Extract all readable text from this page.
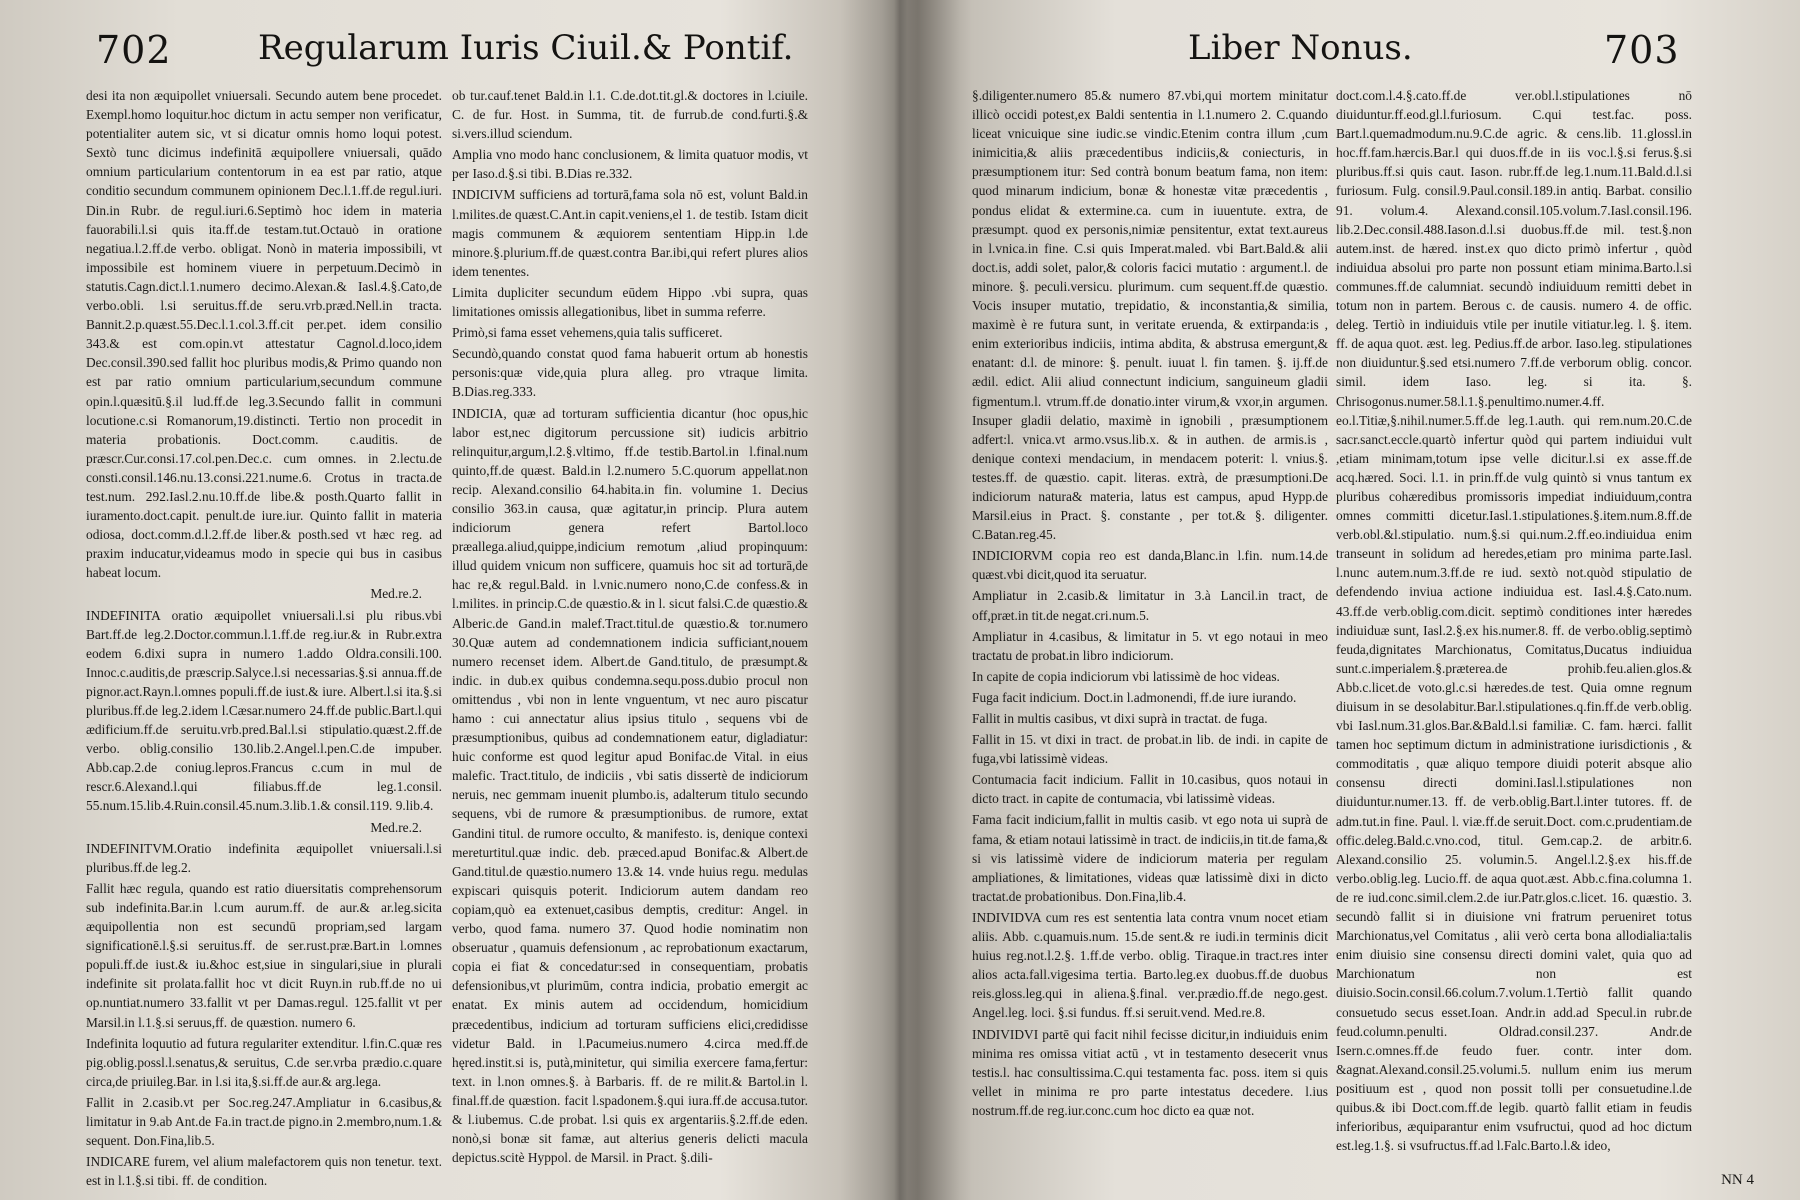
702	Regularum Iuris Ciuil.& Pontif.

desi ita non æquipollet vniuersali. Secundo autem bene procedet. Exempl.homo loquitur.hoc dictum in actu semper non verificatur, potentialiter autem sic, vt si dicatur omnis homo loqui potest. Sextò tunc dicimus indefinitā æquipollere vniuersali, quādo omnium particularium contentorum in ea est par ratio, atque conditio secundum communem opinionem Dec.l.1.ff.de regul.iuri. Din.in Rubr. de regul.iuri.6.Septimò hoc idem in materia fauorabili.l.si quis ita.ff.de testam.tut.Octauò in oratione negatiua.l.2.ff.de verbo. obligat. Nonò in materia impossibili, vt impossibile est hominem viuere in perpetuum.Decimò in statutis.Cagn.dict.l.1.numero decimo.Alexan.& Iasl.4.§.Cato,de verbo.obli. l.si seruitus.ff.de seru.vrb.præd.Nell.in tracta. Bannit.2.p.quæst.55.Dec.l.1.col.3.ff.cit per.pet. idem consilio 343.& est com.opin.vt attestatur Cagnol.d.loco,idem Dec.consil.390.sed fallit hoc pluribus modis,& Primo quando non est par ratio omnium particularium,secundum commune opin.l.quæsitū.§.il lud.ff.de leg.3.Secundo fallit in communi locutione.c.si Romanorum,19.distincti. Tertio non procedit in materia probationis. Doct.comm. c.auditis. de præscr.Cur.consi.17.col.pen.Dec.c. cum omnes. in 2.lectu.de consti.consil.146.nu.13.consi.221.nume.6. Crotus in tracta.de test.num. 292.Iasl.2.nu.10.ff.de libe.& posth.Quarto fallit in iuramento.doct.capit. penult.de iure.iur. Quinto fallit in materia odiosa, doct.comm.d.l.2.ff.de liber.& posth.sed vt hæc reg. ad praxim inducatur,videamus modo in specie qui bus in casibus habeat locum.

Med.re.2.

INDEFINITA oratio æquipollet vniuersali.l.si plu ribus.vbi Bart.ff.de leg.2.Doctor.commun.l.1.ff.de reg.iur.& in Rubr.extra eodem 6.dixi supra in numero 1.addo Oldra.consili.100. Innoc.c.auditis,de præscrip.Salyce.l.si necessarias.§.si annua.ff.de pignor.act.Rayn.l.omnes populi.ff.de iust.& iure. Albert.l.si ita.§.si pluribus.ff.de leg.2.idem l.Cæsar.numero 24.ff.de public.Bart.l.qui ædificium.ff.de seruitu.vrb.pred.Bal.l.si stipulatio.quæst.2.ff.de verbo. oblig.consilio 130.lib.2.Angel.l.pen.C.de impuber. Abb.cap.2.de coniug.lepros.Francus c.cum in mul de rescr.6.Alexand.l.qui filiabus.ff.de leg.1.consil. 55.num.15.lib.4.Ruin.consil.45.num.3.lib.1.& consil.119. 9.lib.4.

Med.re.2.

INDEFINITVM.Oratio indefinita æquipollet vniuersali.l.si pluribus.ff.de leg.2.

Fallit hæc regula, quando est ratio diuersitatis comprehensorum sub indefinita.Bar.in l.cum aurum.ff. de aur.& ar.leg.sicita æquipollentia non est secundū propriam,sed largam significationē.l.§.si seruitus.ff. de ser.rust.præ.Bart.in l.omnes populi.ff.de iust.& iu.&hoc est,siue in singulari,siue in plurali indefinite sit prolata.fallit hoc vt dicit Ruyn.in rub.ff.de no ui op.nuntiat.numero 33.fallit vt per Damas.regul. 125.fallit vt per Marsil.in l.1.§.si seruus,ff. de quæstion. numero 6.

Indefinita loquutio ad futura regulariter extenditur. l.fin.C.quæ res pig.oblig.possl.l.senatus,& seruitus, C.de ser.vrba prædio.c.quare circa,de priuileg.Bar. in l.si ita,§.si.ff.de aur.& arg.lega.

Fallit in 2.casib.vt per Soc.reg.247.Ampliatur in 6.casibus,& limitatur in 9.ab Ant.de Fa.in tract.de pigno.in 2.membro,num.1.& sequent. Don.Fina,lib.5.

INDICARE furem, vel alium malefactorem quis non tenetur. text. est in l.1.§.si tibi. ff. de condition.

ob tur.cauf.tenet Bald.in l.1. C.de.dot.tit.gl.& doctores in l.ciuile. C. de fur. Host. in Summa, tit. de furrub.de cond.furti.§.& si.vers.illud sciendum.

Amplia vno modo hanc conclusionem, & limita quatuor modis, vt per Iaso.d.§.si tibi. B.Dias re.332.

INDICIVM sufficiens ad torturā,fama sola nō est, volunt Bald.in l.milites.de quæst.C.Ant.in capit.veniens,el 1. de testib. Istam dicit magis communem & æquiorem sententiam Hipp.in l.de minore.§.plurium.ff.de quæst.contra Bar.ibi,qui refert plures alios idem tenentes.

Limita dupliciter secundum eūdem Hippo .vbi supra, quas limitationes omissis allegationibus, libet in summa referre.

Primò,si fama esset vehemens,quia talis sufficeret.

Secundò,quando constat quod fama habuerit ortum ab honestis personis:quæ vide,quia plura alleg. pro vtraque limita. B.Dias.reg.333.

INDICIA, quæ ad torturam sufficientia dicantur (hoc opus,hic labor est,nec digitorum percussione sit) iudicis arbitrio relinquitur,argum,l.2.§.vltimo, ff.de testib.Bartol.in l.final.num quinto,ff.de quæst. Bald.in l.2.numero 5.C.quorum appellat.non recip. Alexand.consilio 64.habita.in fin. volumine 1. Decius consilio 363.in causa, quæ agitatur,in princip. Plura autem indiciorum genera refert Bartol.loco præallega.aliud,quippe,indicium remotum ,aliud propinquum: illud quidem vnicum non sufficere, quamuis hoc sit ad torturā,de hac re,& regul.Bald. in l.vnic.numero nono,C.de confess.& in l.milites. in princip.C.de quæstio.& in l. sicut falsi.C.de quæstio.& Alberic.de Gand.in malef.Tract.titul.de quæstio.& tor.numero 30.Quæ autem ad condemnationem indicia sufficiant,nouem numero recenset idem. Albert.de Gand.titulo, de præsumpt.& indic. in dub.ex quibus condemna.sequ.poss.dubio procul non omittendus , vbi non in lente vnguentum, vt nec auro piscatur hamo : cui annectatur alius ipsius titulo , sequens vbi de præsumptionibus, quibus ad condemnationem eatur, digladiatur: huic conforme est quod legitur apud Bonifac.de Vital. in eius malefic. Tract.titulo, de indiciis , vbi satis dissertè de indiciorum neruis, nec gemmam inuenit plumbo.is, adalterum titulo secundo sequens, vbi de rumore & præsumptionibus. de rumore, extat Gandini titul. de rumore occulto, & manifesto. is, denique contexi mereturtitul.quæ indic. deb. præced.apud Bonifac.& Albert.de Gand.titul.de quæstio.numero 13.& 14. vnde huius regu. medulas expiscari quisquis poterit. Indiciorum autem dandam reo copiam,quò ea extenuet,casibus demptis, creditur: Angel. in verbo, quod fama. numero 37. Quod hodie nominatim non obseruatur , quamuis defensionum , ac reprobationum exactarum, copia ei fiat & concedatur:sed in consequentiam, probatis defensionibus,vt plurimūm, contra indicia, probatio emergit ac enatat. Ex minis autem ad occidendum, homicidium præcedentibus, indicium ad torturam sufficiens elici,credidisse videtur Bald. in l.Pacumeius.numero 4.circa med.ff.de hęred.instit.si is, putà,minitetur, qui similia exercere fama,fertur: text. in l.non omnes.§. à Barbaris. ff. de re milit.& Bartol.in l. final.ff.de quæstion. facit l.spadonem.§.qui iura.ff.de accusa.tutor. & l.iubemus. C.de probat. l.si quis ex argentariis.§.2.ff.de eden. nonò,si bonæ sit famæ, aut alterius generis delicti macula depictus.scitè Hyppol. de Marsil. in Pract. §.dili-

Liber Nonus.	703

§.diligenter.numero 85.& numero 87.vbi,qui mortem minitatur illicò occidi potest,ex Baldi sententia in l.1.numero 2. C.quando liceat vnicuique sine iudic.se vindic.Etenim contra illum ,cum inimicitia,& aliis præcedentibus indiciis,& coniecturis, in præsumptionem itur: Sed contrà bonum beatum fama, non item: quod minarum indicium, bonæ & honestæ vitæ præcedentis , pondus elidat & extermine.ca. cum in iuuentute. extra, de præsumpt. quod ex personis,nimiæ pensitentur, extat text.aureus in l.vnica.in fine. C.si quis Imperat.maled. vbi Bart.Bald.& alii doct.is, addi solet, palor,& coloris facici mutatio : argument.l. de minore. §. peculi.versicu. plurimum. cum sequent.ff.de quæstio. Vocis insuper mutatio, trepidatio, & inconstantia,& similia, maximè è re futura sunt, in veritate eruenda, & extirpanda:is , enim exterioribus indiciis, intima abdita, & abstrusa emergunt,& enatant: d.l. de minore: §. penult. iuuat l. fin tamen. §. ij.ff.de ædil. edict. Alii aliud connectunt indicium, sanguineum gladii figmentum.l. vtrum.ff.de donatio.inter virum,& vxor,in argumen. Insuper gladii delatio, maximè in ignobili , præsumptionem adfert:l. vnica.vt armo.vsus.lib.x. & in authen. de armis.is , denique contexi mendacium, in mendacem poterit: l. vnius.§. testes.ff. de quæstio. capit. literas. extrà, de præsumptioni.De indiciorum natura& materia, latus est campus, apud Hypp.de Marsil.eius in Pract. §. constante , per tot.& §. diligenter. C.Batan.reg.45.

INDICIORVM copia reo est danda,Blanc.in l.fin. num.14.de quæst.vbi dicit,quod ita seruatur.

Ampliatur in 2.casib.& limitatur in 3.à Lancil.in tract, de off,præt.in tit.de negat.cri.num.5.

Ampliatur in 4.casibus, & limitatur in 5. vt ego notaui in meo tractatu de probat.in libro indiciorum.

In capite de copia indiciorum vbi latissimè de hoc videas.

Fuga facit indicium. Doct.in l.admonendi, ff.de iure iurando.

Fallit in multis casibus, vt dixi suprà in tractat. de fuga.

Fallit in 15. vt dixi in tract. de probat.in lib. de indi. in capite de fuga,vbi latissimè videas.

Contumacia facit indicium. Fallit in 10.casibus, quos notaui in dicto tract. in capite de contumacia, vbi latissimè videas.

Fama facit indicium,fallit in multis casib. vt ego nota ui suprà de fama, & etiam notaui latissimè in tract. de indiciis,in tit.de fama,& si vis latissimè videre de indiciorum materia per regulam ampliationes, & limitationes, videas quæ latissimè dixi in dicto tractat.de probationibus. Don.Fina,lib.4.

INDIVIDVA cum res est sententia lata contra vnum nocet etiam aliis. Abb. c.quamuis.num. 15.de sent.& re iudi.in terminis dicit huius reg.not.l.2.§. 1.ff.de verbo. oblig. Tiraque.in tract.res inter alios acta.fall.vigesima tertia. Barto.leg.ex duobus.ff.de duobus reis.gloss.leg.qui in aliena.§.final. ver.prædio.ff.de nego.gest. Angel.leg. loci. §.si fundus. ff.si seruit.vend. Med.re.8.

INDIVIDVI partē qui facit nihil fecisse dicitur,in indiuiduis enim minima res omissa vitiat actū , vt in testamento desecerit vnus testis.l. hac consultissima.C.qui testamenta fac. poss. item si quis vellet in minima re pro parte intestatus decedere. l.ius nostrum.ff.de reg.iur.conc.cum hoc dicto ea quæ not.

doct.com.l.4.§.cato.ff.de ver.obl.l.stipulationes nō diuiduntur.ff.eod.gl.l.furiosum. C.qui test.fac. poss. Bart.l.quemadmodum.nu.9.C.de agric. & cens.lib. 11.glossl.in hoc.ff.fam.hærcis.Bar.l qui duos.ff.de in iis voc.l.§.si ferus.§.si pluribus.ff.si quis caut. Iason. rubr.ff.de leg.1.num.11.Bald.d.l.si furiosum. Fulg. consil.9.Paul.consil.189.in antiq. Barbat. consilio 91. volum.4. Alexand.consil.105.volum.7.Iasl.consil.196. lib.2.Dec.consil.488.Iason.d.l.si duobus.ff.de mil. test.§.non autem.inst. de hæred. inst.ex quo dicto primò infertur , quòd indiuidua absolui pro parte non possunt etiam minima.Barto.l.si communes.ff.de calumniat. secundò indiuiduum remitti debet in totum non in partem. Berous c. de causis. numero 4. de offic. deleg. Tertiò in indiuiduis vtile per inutile vitiatur.leg. l. §. item. ff. de aqua quot. æst. leg. Pedius.ff.de arbor. Iaso.leg. stipulationes non diuiduntur.§.sed etsi.numero 7.ff.de verborum oblig. concor. simil. idem Iaso. leg. si ita. §. Chrisogonus.numer.58.l.1.§.penultimo.numer.4.ff. eo.l.Titiæ,§.nihil.numer.5.ff.de leg.1.auth. qui rem.num.20.C.de sacr.sanct.eccle.quartò infertur quòd qui partem indiuidui vult ,etiam minimam,totum ipse velle dicitur.l.si ex asse.ff.de acq.hæred. Soci. l.1. in prin.ff.de vulg quintò si vnus tantum ex pluribus cohæredibus promissoris impediat indiuiduum,contra omnes committi dicetur.Iasl.1.stipulationes.§.item.num.8.ff.de verb.obl.&l.stipulatio. num.§.si qui.num.2.ff.eo.indiuidua enim transeunt in solidum ad heredes,etiam pro minima parte.Iasl. l.nunc autem.num.3.ff.de re iud. sextò not.quòd stipulatio de defendendo inviua actione indiuidua est. Iasl.4.§.Cato.num. 43.ff.de verb.oblig.com.dicit. septimò conditiones inter hæredes indiuiduæ sunt, Iasl.2.§.ex his.numer.8. ff. de verbo.oblig.septimò feuda,dignitates Marchionatus, Comitatus,Ducatus indiuidua sunt.c.imperialem.§.præterea.de prohib.feu.alien.glos.& Abb.c.licet.de voto.gl.c.si hæredes.de test. Quia omne regnum diuisum in se desolabitur.Bar.l.stipulationes.q.fin.ff.de verb.oblig. vbi Iasl.num.31.glos.Bar.&Bald.l.si familiæ. C. fam. hærci. fallit tamen hoc septimum dictum in administratione iurisdictionis , & commoditatis , quæ aliquo tempore diuidi poterit absque alio consensu directi domini.Iasl.l.stipulationes non diuiduntur.numer.13. ff. de verb.oblig.Bart.l.inter tutores. ff. de adm.tut.in fine. Paul. l. viæ.ff.de seruit.Doct. com.c.prudentiam.de offic.deleg.Bald.c.vno.cod, titul. Gem.cap.2. de arbitr.6. Alexand.consilio 25. volumin.5. Angel.l.2.§.ex his.ff.de verbo.oblig.leg. Lucio.ff. de aqua quot.æst. Abb.c.fina.columna 1. de re iud.conc.simil.clem.2.de iur.Patr.glos.c.licet. 16. quæstio. 3. secundò fallit si in diuisione vni fratrum perueniret totus Marchionatus,vel Comitatus , alii verò certa bona allodialia:talis enim diuisio sine consensu directi domini valet, quia quo ad Marchionatum non est diuisio.Socin.consil.66.colum.7.volum.1.Tertiò fallit quando consuetudo secus esset.Ioan. Andr.in add.ad Specul.in rubr.de feud.column.penulti. Oldrad.consil.237. Andr.de Isern.c.omnes.ff.de feudo fuer. contr. inter dom. &agnat.Alexand.consil.25.volumi.5. nullum enim ius merum positiuum est , quod non possit tolli per consuetudine.l.de quibus.& ibi Doct.com.ff.de legib. quartò fallit etiam in feudis inferioribus, æquiparantur enim vsufructui, quod ad hoc dictum est.leg.1.§. si vsufructus.ff.ad l.Falc.Barto.l.& ideo,

NN 4
